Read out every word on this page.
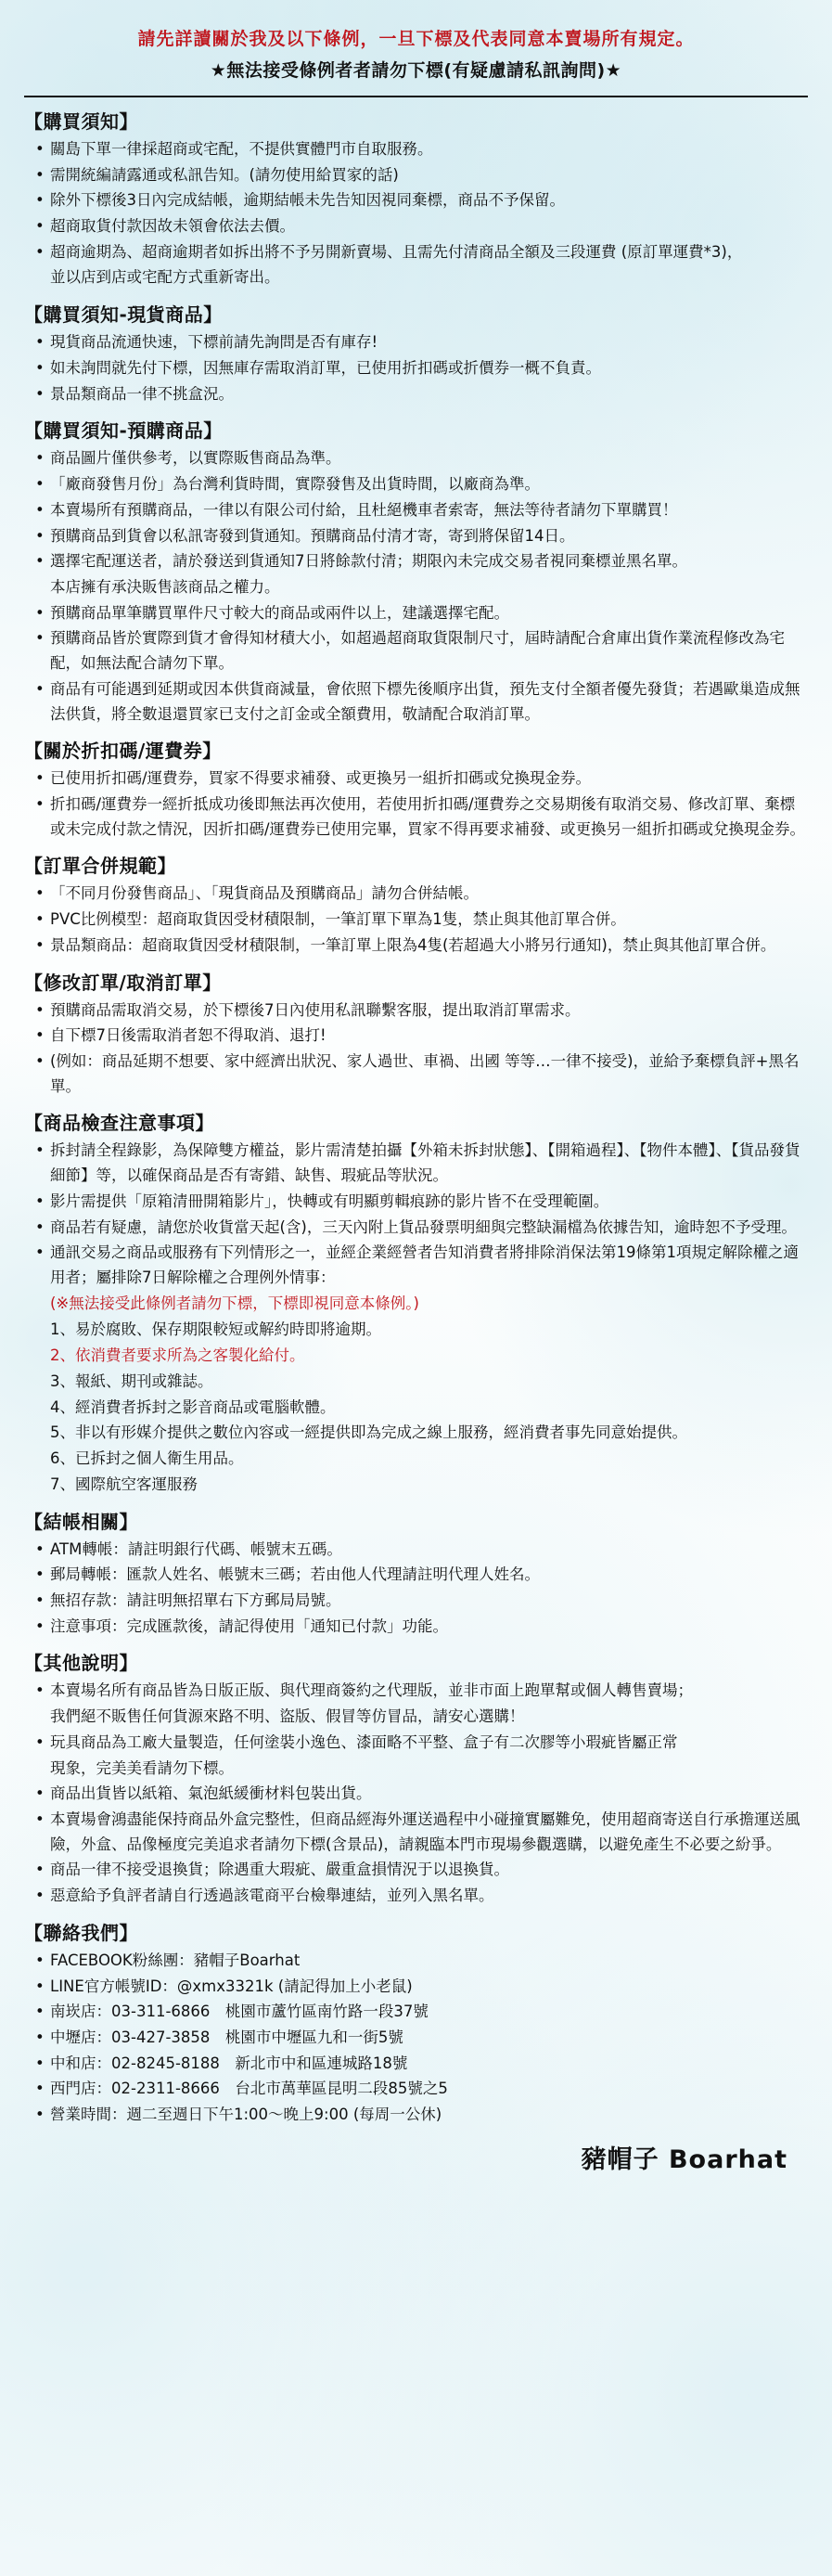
請先詳讀關於我及以下條例，一旦下標及代表同意本賣場所有規定。
★無法接受條例者者請勿下標(有疑慮請私訊詢問)★
【購買須知】
• 關島下單一律採超商或宅配，不提供實體門市自取服務。
• 需開統編請露通或私訊告知。(請勿使用給買家的話)
• 除外下標後3日內完成結帳，逾期結帳未先告知因視同棄標，商品不予保留。
• 超商取貨付款因故未領會依法去價。
• 超商逾期為、超商逾期者如拆出將不予另開新賣場、且需先付清商品全額及三段運費 (原訂單運費*3)，
並以店到店或宅配方式重新寄出。
【購買須知-現貨商品】
• 現貨商品流通快速，下標前請先詢問是否有庫存!
• 如未詢問就先付下標，因無庫存需取消訂單，已使用折扣碼或折價券一概不負責。
• 景品類商品一律不挑盒況。
【購買須知-預購商品】
• 商品圖片僅供參考，以實際販售商品為準。
• 「廠商發售月份」為台灣利貨時間，實際發售及出貨時間，以廠商為準。
• 本賣場所有預購商品，一律以有限公司付給，且杜絕機車者索寄，無法等待者請勿下單購買！
• 預購商品到貨會以私訊寄發到貨通知。預購商品付清才寄，寄到將保留14日。
• 選擇宅配運送者，請於發送到貨通知7日將餘款付清；期限內未完成交易者視同棄標並黑名單。
本店擁有承決販售該商品之權力。
• 預購商品單筆購買單件尺寸較大的商品或兩件以上，建議選擇宅配。
• 預購商品皆於實際到貨才會得知材積大小，如超過超商取貨限制尺寸，屆時請配合倉庫出貨作業流程修改為宅配，如無法配合請勿下單。
• 商品有可能遇到延期或因本供貨商減量，會依照下標先後順序出貨，預先支付全額者優先發貨；若遇歐巢造成無法供貨，將全數退還買家已支付之訂金或全額費用，敬請配合取消訂單。
【關於折扣碼/運費券】
• 已使用折扣碼/運費券，買家不得要求補發、或更換另一組折扣碼或兌換現金券。
• 折扣碼/運費券一經折抵成功後即無法再次使用，若使用折扣碼/運費券之交易期後有取消交易、修改訂單、棄標或未完成付款之情況，因折扣碼/運費券已使用完畢，買家不得再要求補發、或更換另一組折扣碼或兌換現金券。
【訂單合併規範】
• 「不同月份發售商品」、「現貨商品及預購商品」請勿合併結帳。
• PVC比例模型：超商取貨因受材積限制，一筆訂單下單為1隻，禁止與其他訂單合併。
• 景品類商品：超商取貨因受材積限制，一筆訂單上限為4隻(若超過大小將另行通知)，禁止與其他訂單合併。
【修改訂單/取消訂單】
• 預購商品需取消交易，於下標後7日內使用私訊聯繫客服，提出取消訂單需求。
• 自下標7日後需取消者恕不得取消、退打!
• (例如：商品延期不想要、家中經濟出狀況、家人過世、車禍、出國 等等…一律不接受)，並給予棄標負評+黑名單。
【商品檢查注意事項】
• 拆封請全程錄影，為保障雙方權益，影片需清楚拍攝【外箱未拆封狀態】、【開箱過程】、【物件本體】、【貨品發貨細節】等，以確保商品是否有寄錯、缺售、瑕疵品等狀況。
• 影片需提供「原箱清冊開箱影片」，快轉或有明顯剪輯痕跡的影片皆不在受理範圍。
• 商品若有疑慮，請您於收貨當天起(含)，三天內附上貨品發票明細與完整缺漏檔為依據告知，逾時恕不予受理。
• 通訊交易之商品或服務有下列情形之一，並經企業經營者告知消費者將排除消保法第19條第1項規定解除權之適用者；屬排除7日解除權之合理例外情事：
(※無法接受此條例者請勿下標，下標即視同意本條例。)
1、易於腐敗、保存期限較短或解約時即將逾期。
2、依消費者要求所為之客製化給付。
3、報紙、期刊或雜誌。
4、經消費者拆封之影音商品或電腦軟體。
5、非以有形媒介提供之數位內容或一經提供即為完成之線上服務，經消費者事先同意始提供。
6、已拆封之個人衛生用品。
7、國際航空客運服務
【結帳相關】
• ATM轉帳：請註明銀行代碼、帳號末五碼。
• 郵局轉帳：匯款人姓名、帳號末三碼；若由他人代理請註明代理人姓名。
• 無招存款：請註明無招單右下方郵局局號。
• 注意事項：完成匯款後，請記得使用「通知已付款」功能。
【其他說明】
• 本賣場名所有商品皆為日版正版、與代理商簽約之代理版，並非市面上跑單幫或個人轉售賣場；
我們絕不販售任何貨源來路不明、盜版、假冒等仿冒品，請安心選購！
• 玩具商品為工廠大量製造，任何塗裝小逸色、漆面略不平整、盒子有二次膠等小瑕疵皆屬正常
現象，完美美看請勿下標。
• 商品出貨皆以紙箱、氣泡紙緩衝材料包裝出貨。
• 本賣場會鴻盡能保持商品外盒完整性，但商品經海外運送過程中小碰撞實屬難免，使用超商寄送自行承擔運送風險，外盒、品像極度完美追求者請勿下標(含景品)，請親臨本門市現場參觀選購，以避免產生不必要之紛爭。
• 商品一律不接受退換貨；除遇重大瑕疵、嚴重盒損情況于以退換貨。
• 惡意給予負評者請自行透過該電商平台檢舉連結，並列入黑名單。
【聯絡我們】
• FACEBOOK粉絲團：豬帽子Boarhat
• LINE官方帳號ID：@xmx3321k (請記得加上小老鼠)
• 南崁店：03-311-6866　桃園市蘆竹區南竹路一段37號
• 中壢店：03-427-3858　桃園市中壢區九和一街5號
• 中和店：02-8245-8188　新北市中和區連城路18號
• 西門店：02-2311-8666　台北市萬華區昆明二段85號之5
• 營業時間：週二至週日下午1:00～晚上9:00 (每周一公休)
豬帽子 Boarhat
